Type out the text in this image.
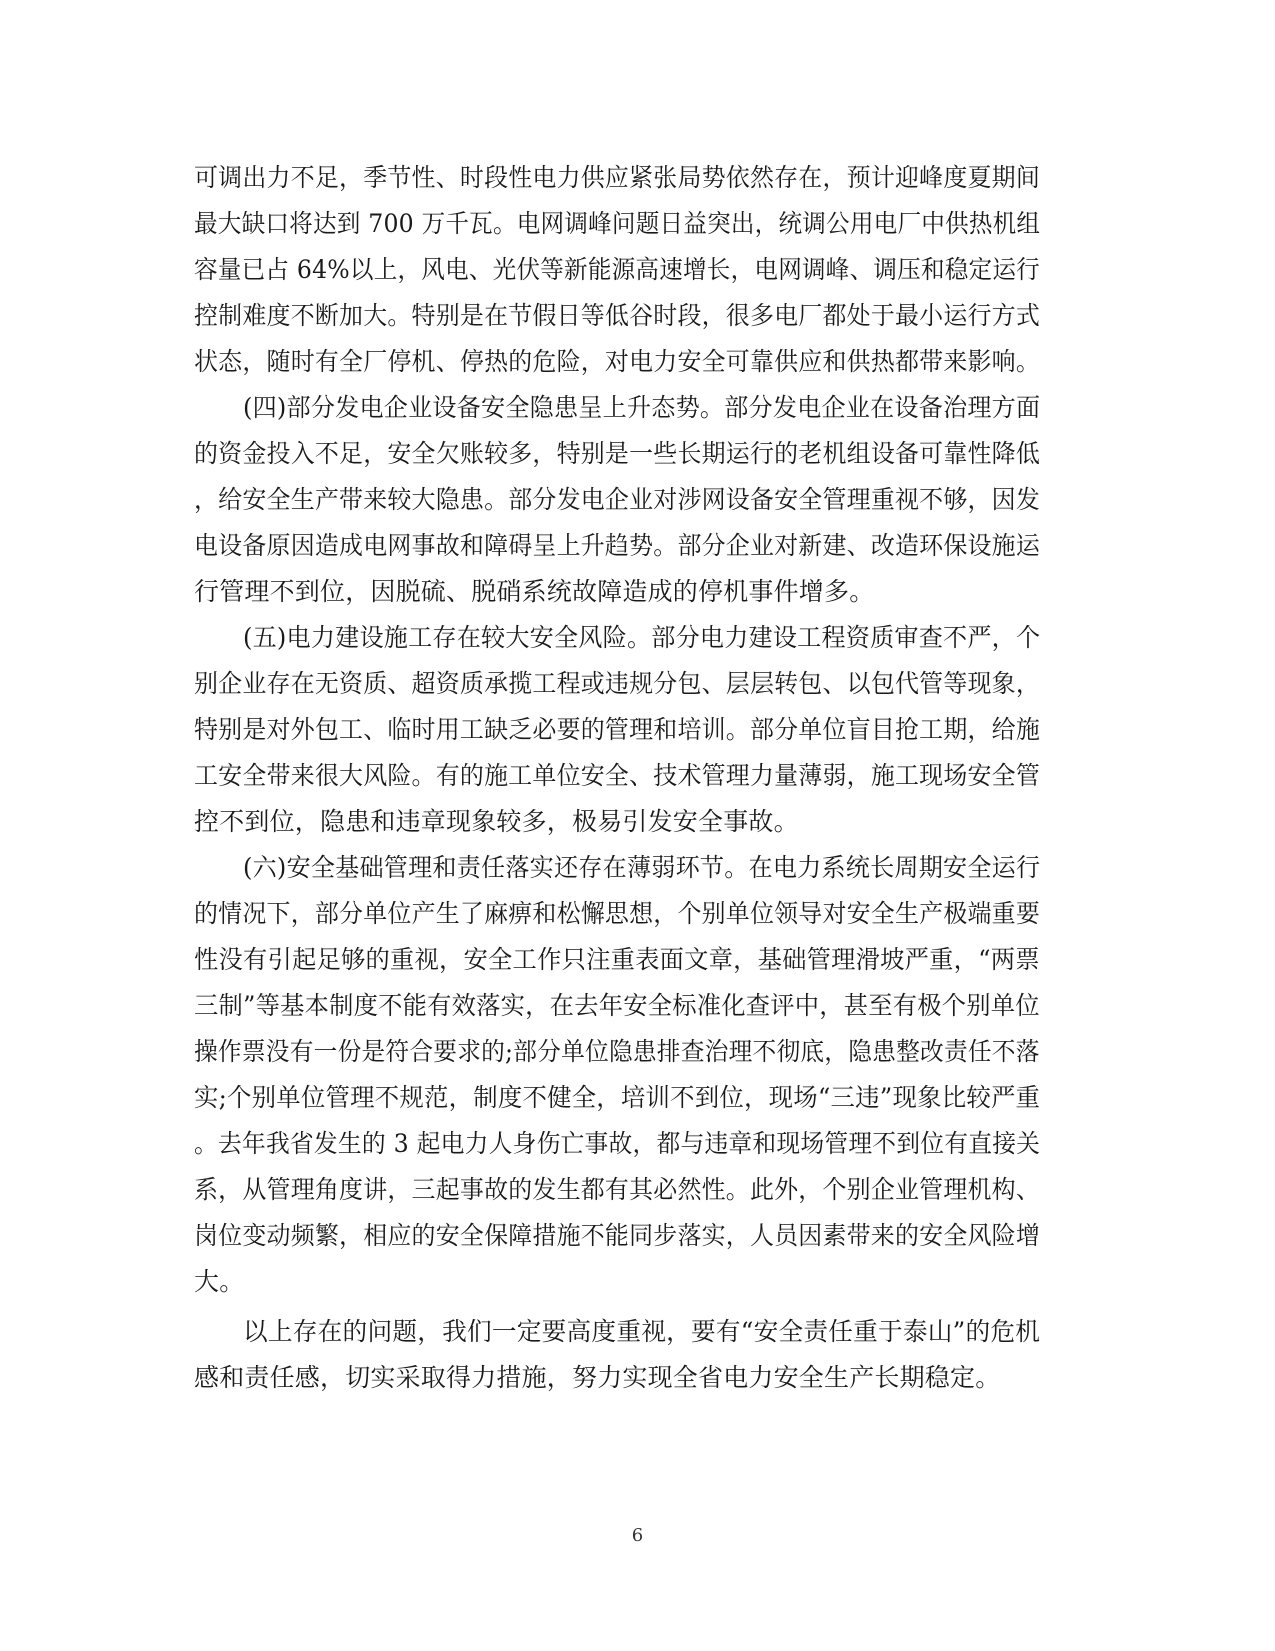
可调出力不足，季节性、时段性电力供应紧张局势依然存在，预计迎峰度夏期间
最大缺口将达到 700 万千瓦。电网调峰问题日益突出，统调公用电厂中供热机组
容量已占 64%以上，风电、光伏等新能源高速增长，电网调峰、调压和稳定运行
控制难度不断加大。特别是在节假日等低谷时段，很多电厂都处于最小运行方式
状态，随时有全厂停机、停热的危险，对电力安全可靠供应和供热都带来影响。
(四)部分发电企业设备安全隐患呈上升态势。部分发电企业在设备治理方面
的资金投入不足，安全欠账较多，特别是一些长期运行的老机组设备可靠性降低
，给安全生产带来较大隐患。部分发电企业对涉网设备安全管理重视不够，因发
电设备原因造成电网事故和障碍呈上升趋势。部分企业对新建、改造环保设施运
行管理不到位，因脱硫、脱硝系统故障造成的停机事件增多。
(五)电力建设施工存在较大安全风险。部分电力建设工程资质审查不严，个
别企业存在无资质、超资质承揽工程或违规分包、层层转包、以包代管等现象，
特别是对外包工、临时用工缺乏必要的管理和培训。部分单位盲目抢工期，给施
工安全带来很大风险。有的施工单位安全、技术管理力量薄弱，施工现场安全管
控不到位，隐患和违章现象较多，极易引发安全事故。
(六)安全基础管理和责任落实还存在薄弱环节。在电力系统长周期安全运行
的情况下，部分单位产生了麻痹和松懈思想，个别单位领导对安全生产极端重要
性没有引起足够的重视，安全工作只注重表面文章，基础管理滑坡严重，“两票
三制”等基本制度不能有效落实，在去年安全标准化查评中，甚至有极个别单位
操作票没有一份是符合要求的;部分单位隐患排查治理不彻底，隐患整改责任不落
实;个别单位管理不规范，制度不健全，培训不到位，现场“三违”现象比较严重
。去年我省发生的 3 起电力人身伤亡事故，都与违章和现场管理不到位有直接关
系，从管理角度讲，三起事故的发生都有其必然性。此外，个别企业管理机构、
岗位变动频繁，相应的安全保障措施不能同步落实，人员因素带来的安全风险增
大。
以上存在的问题，我们一定要高度重视，要有“安全责任重于泰山”的危机
感和责任感，切实采取得力措施，努力实现全省电力安全生产长期稳定。
6
